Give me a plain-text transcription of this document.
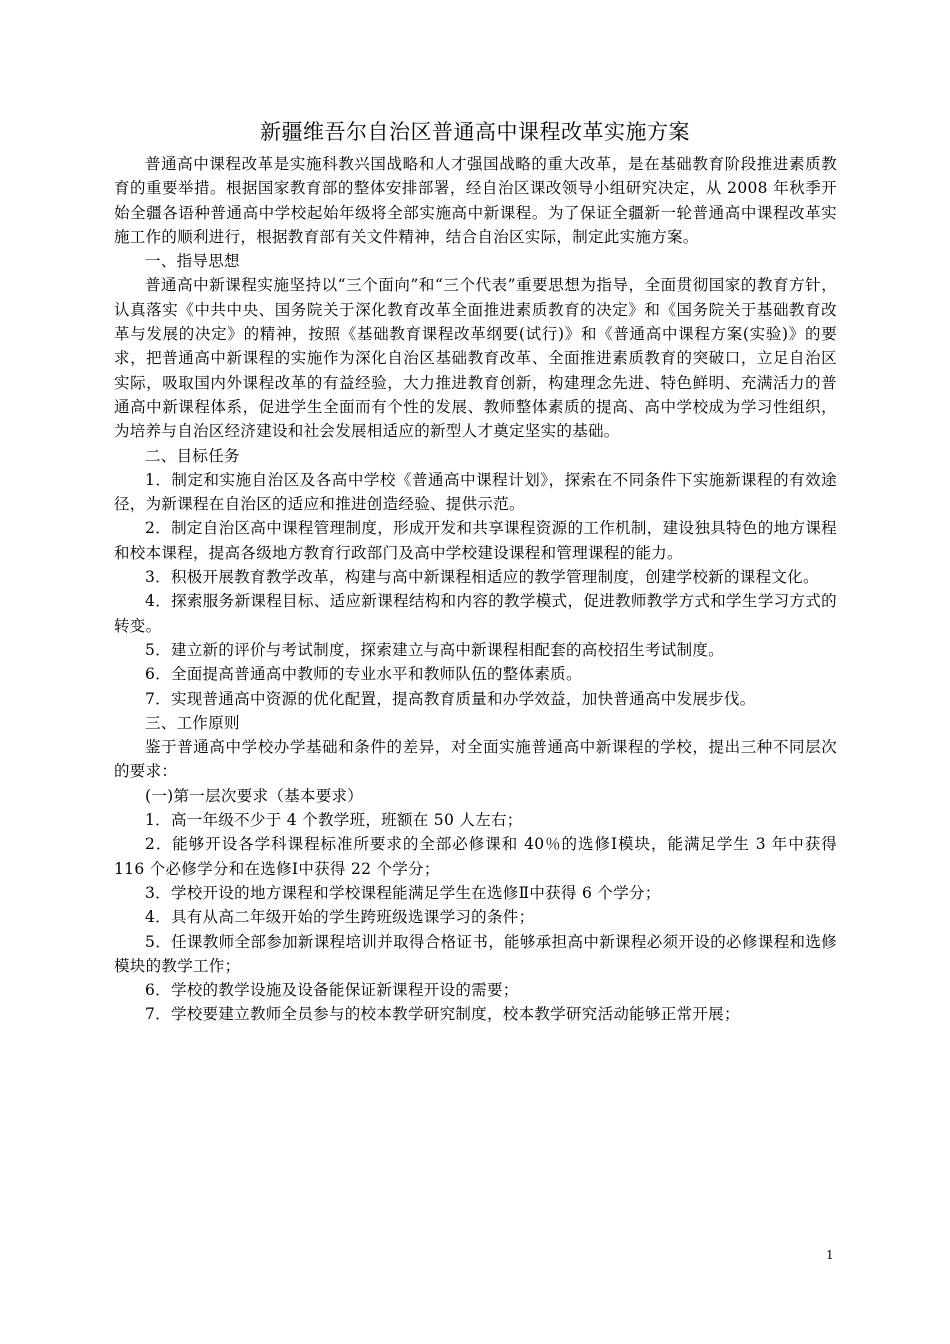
新疆维吾尔自治区普通高中课程改革实施方案

普通高中课程改革是实施科教兴国战略和人才强国战略的重大改革，是在基础教育阶段推进素质教育的重要举措。根据国家教育部的整体安排部署，经自治区课改领导小组研究决定，从 2008 年秋季开始全疆各语种普通高中学校起始年级将全部实施高中新课程。为了保证全疆新一轮普通高中课程改革实施工作的顺利进行，根据教育部有关文件精神，结合自治区实际，制定此实施方案。

一、指导思想

普通高中新课程实施坚持以“三个面向”和“三个代表”重要思想为指导，全面贯彻国家的教育方针，认真落实《中共中央、国务院关于深化教育改革全面推进素质教育的决定》和《国务院关于基础教育改革与发展的决定》的精神，按照《基础教育课程改革纲要(试行)》和《普通高中课程方案(实验)》的要求，把普通高中新课程的实施作为深化自治区基础教育改革、全面推进素质教育的突破口，立足自治区实际，吸取国内外课程改革的有益经验，大力推进教育创新，构建理念先进、特色鲜明、充满活力的普通高中新课程体系，促进学生全面而有个性的发展、教师整体素质的提高、高中学校成为学习性组织，为培养与自治区经济建设和社会发展相适应的新型人才奠定坚实的基础。

二、目标任务

1．制定和实施自治区及各高中学校《普通高中课程计划》，探索在不同条件下实施新课程的有效途径，为新课程在自治区的适应和推进创造经验、提供示范。

2．制定自治区高中课程管理制度，形成开发和共享课程资源的工作机制，建设独具特色的地方课程和校本课程，提高各级地方教育行政部门及高中学校建设课程和管理课程的能力。

3．积极开展教育教学改革，构建与高中新课程相适应的教学管理制度，创建学校新的课程文化。

4．探索服务新课程目标、适应新课程结构和内容的教学模式，促进教师教学方式和学生学习方式的转变。

5．建立新的评价与考试制度，探索建立与高中新课程相配套的高校招生考试制度。

6．全面提高普通高中教师的专业水平和教师队伍的整体素质。

7．实现普通高中资源的优化配置，提高教育质量和办学效益，加快普通高中发展步伐。

三、工作原则

鉴于普通高中学校办学基础和条件的差异，对全面实施普通高中新课程的学校，提出三种不同层次的要求：

(一)第一层次要求（基本要求）

1．高一年级不少于 4 个教学班，班额在 50 人左右；

2．能够开设各学科课程标准所要求的全部必修课和 40％的选修Ⅰ模块，能满足学生 3 年中获得 116 个必修学分和在选修Ⅰ中获得 22 个学分；

3．学校开设的地方课程和学校课程能满足学生在选修Ⅱ中获得 6 个学分；

4．具有从高二年级开始的学生跨班级选课学习的条件；

5．任课教师全部参加新课程培训并取得合格证书，能够承担高中新课程必须开设的必修课程和选修模块的教学工作；

6．学校的教学设施及设备能保证新课程开设的需要；

7．学校要建立教师全员参与的校本教学研究制度，校本教学研究活动能够正常开展；

1
